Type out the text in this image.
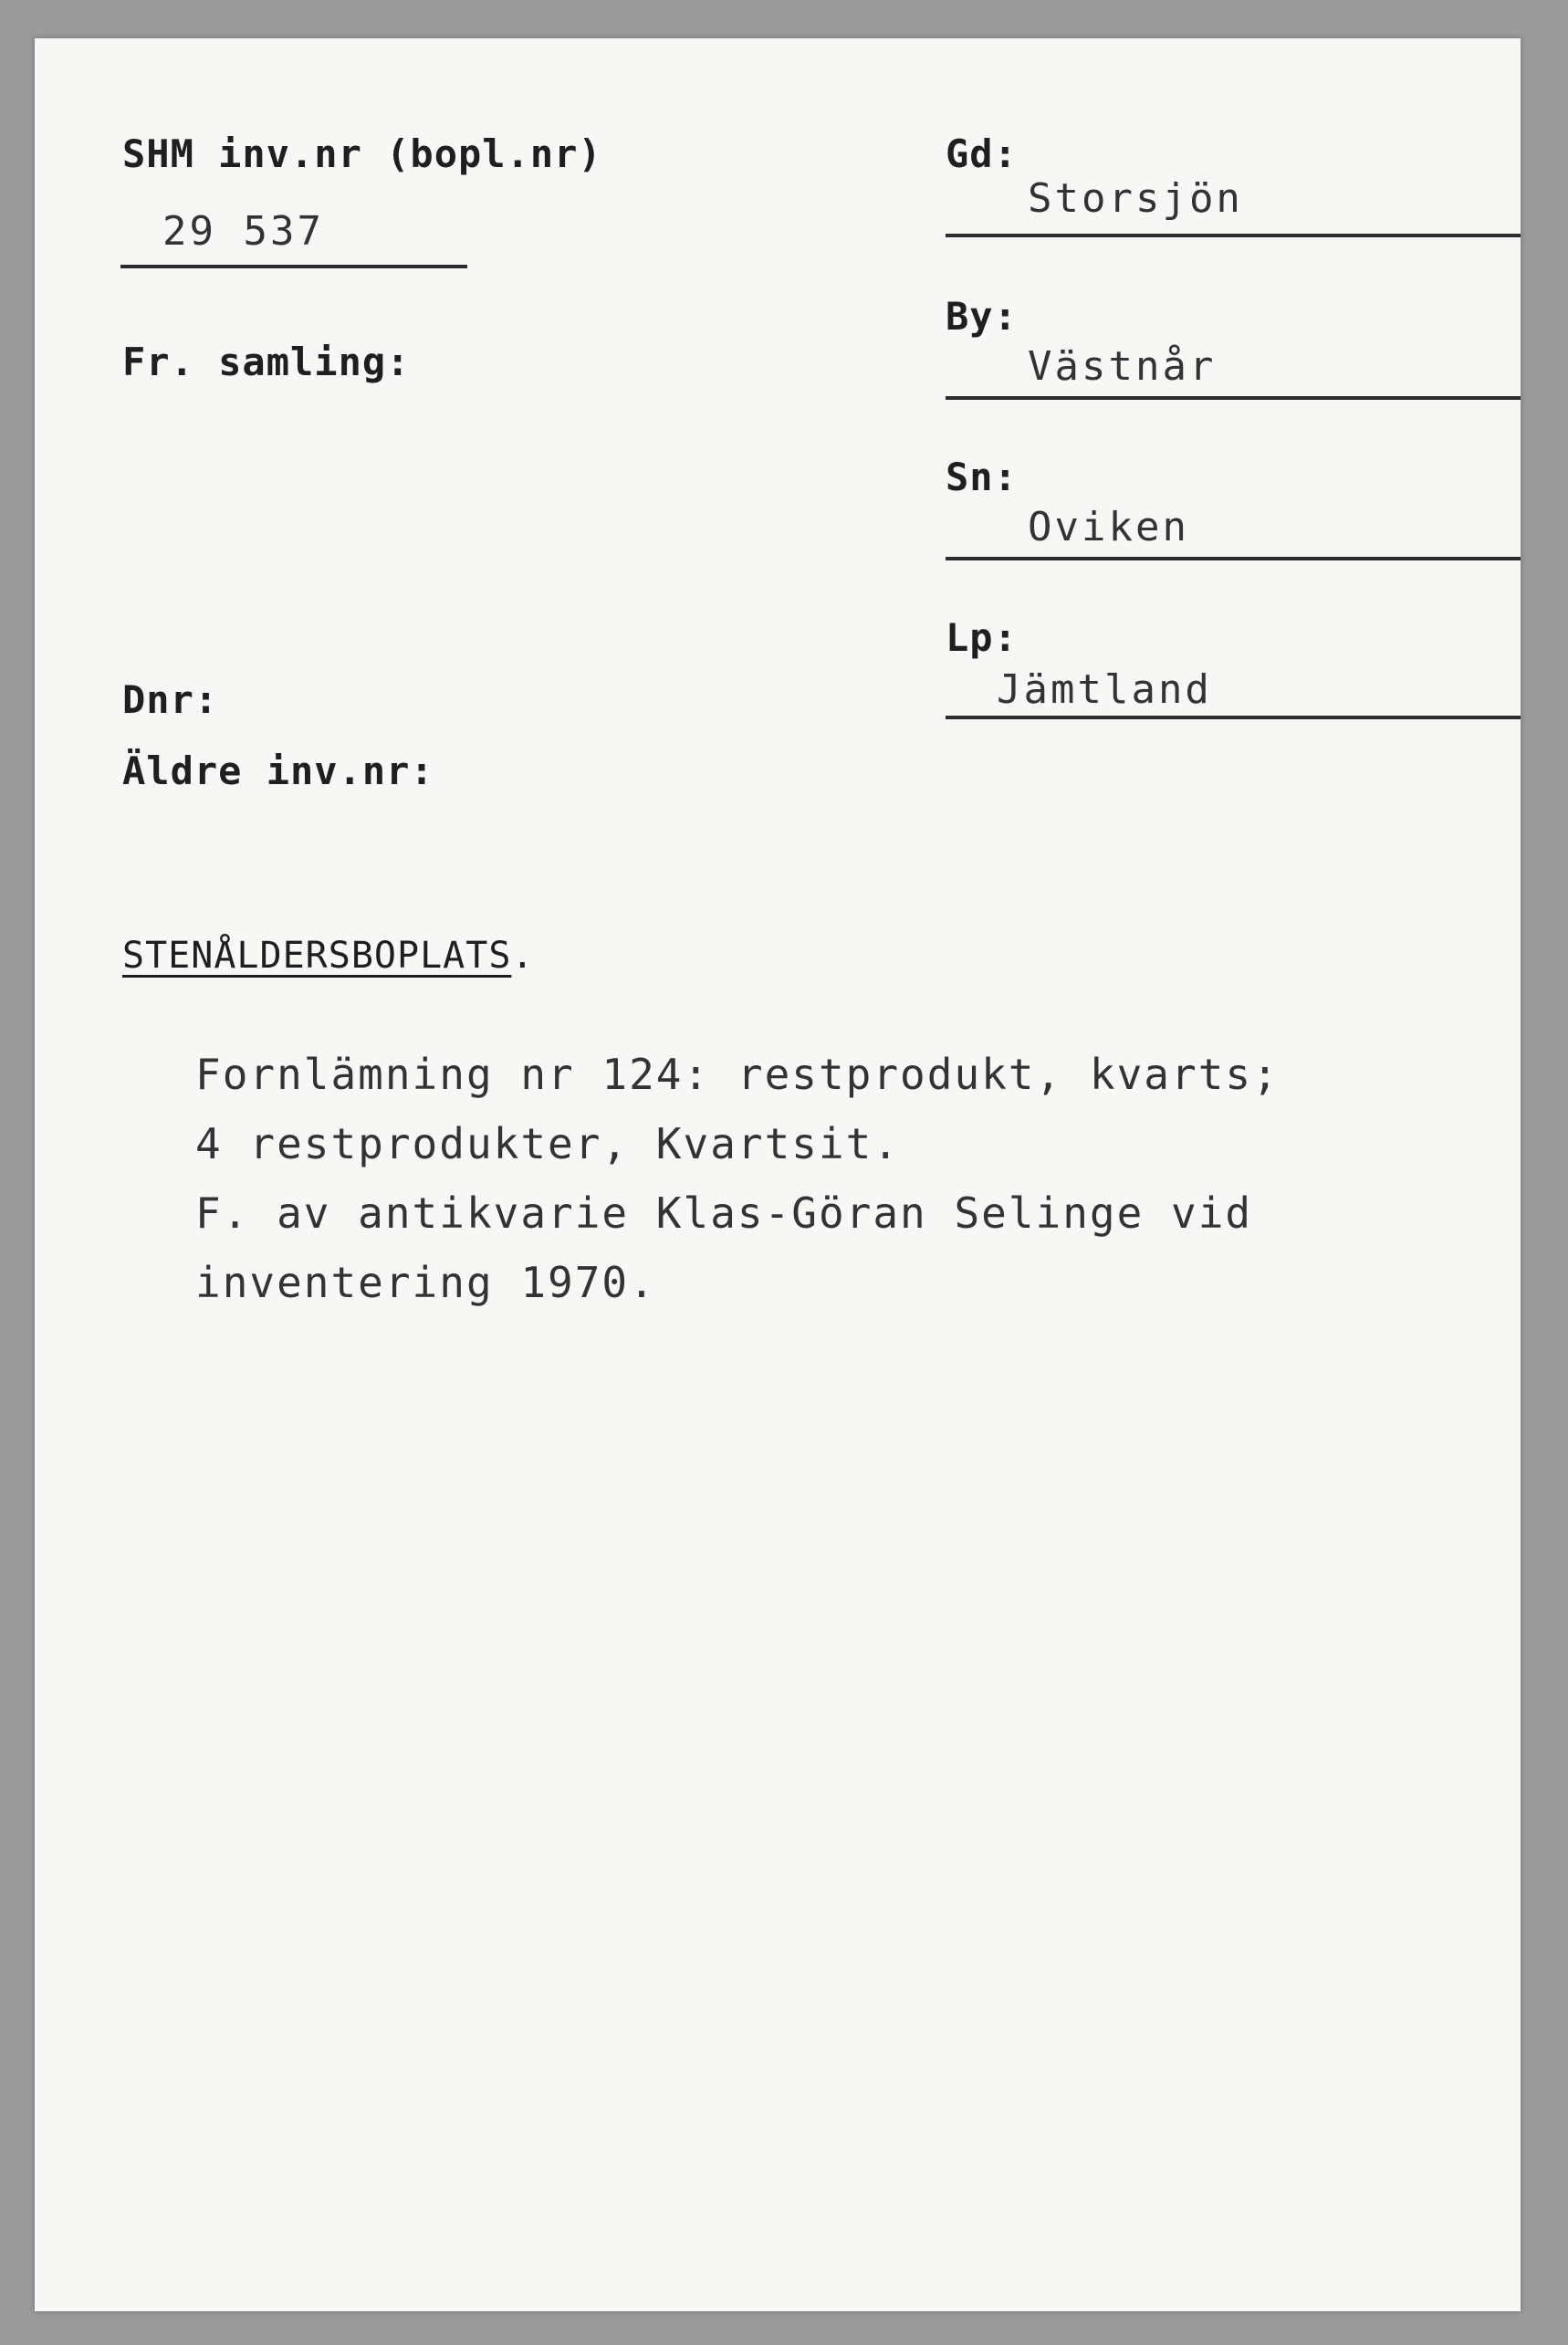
SHM inv.nr (bopl.nr)
29 537
Fr. samling:
Dnr:
Äldre inv.nr:
Gd:
Storsjön
By:
Västnår
Sn:
Oviken
Lp:
Jämtland
STENÅLDERSBOPLATS.
Fornlämning nr 124: restprodukt, kvarts;
4 restprodukter, Kvartsit.
F. av antikvarie Klas-Göran Selinge vid
inventering 1970.
